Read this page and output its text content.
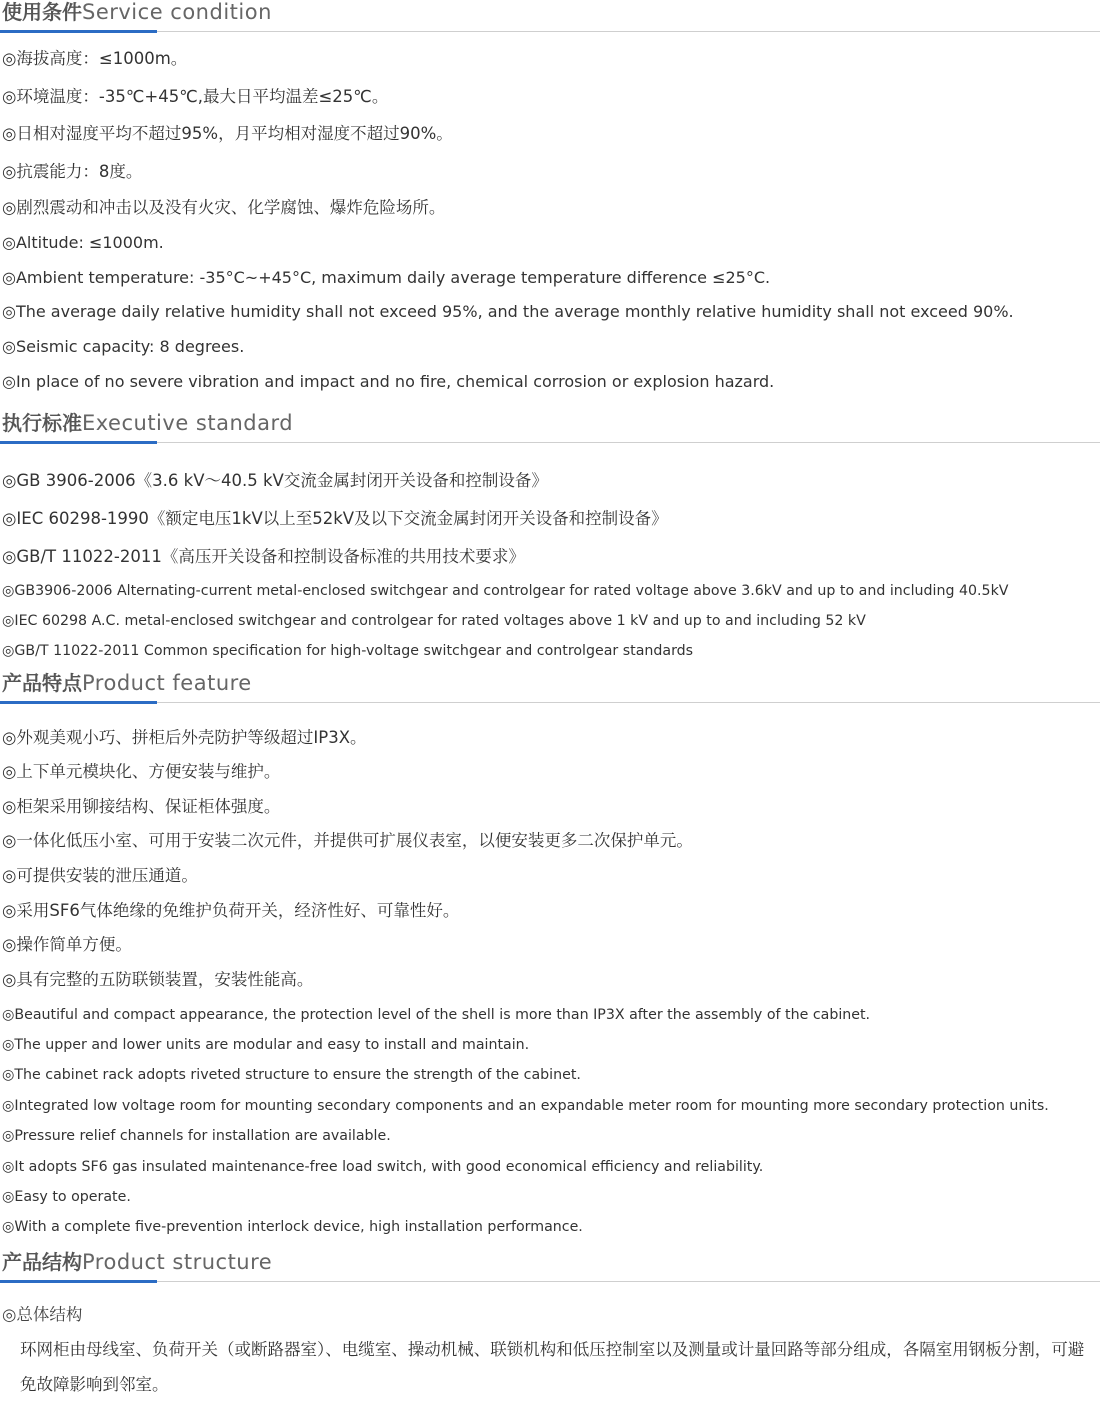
使用条件Service condition
◎海拔高度：≤1000m。
◎环境温度：-35℃+45℃,最大日平均温差≤25℃。
◎日相对湿度平均不超过95%，月平均相对湿度不超过90%。
◎抗震能力：8度。
◎剧烈震动和冲击以及没有火灾、化学腐蚀、爆炸危险场所。
◎Altitude: ≤1000m.
◎Ambient temperature: -35°C~+45°C, maximum daily average temperature difference ≤25°C.
◎The average daily relative humidity shall not exceed 95%, and the average monthly relative humidity shall not exceed 90%.
◎Seismic capacity: 8 degrees.
◎In place of no severe vibration and impact and no fire, chemical corrosion or explosion hazard.
执行标准Executive standard
◎GB 3906-2006《3.6 kV～40.5 kV交流金属封闭开关设备和控制设备》
◎IEC 60298-1990《额定电压1kV以上至52kV及以下交流金属封闭开关设备和控制设备》
◎GB/T 11022-2011《高压开关设备和控制设备标准的共用技术要求》
◎GB3906-2006 Alternating-current metal-enclosed switchgear and controlgear for rated voltage above 3.6kV and up to and including 40.5kV
◎IEC 60298 A.C. metal-enclosed switchgear and controlgear for rated voltages above 1 kV and up to and including 52 kV
◎GB/T 11022-2011 Common specification for high-voltage switchgear and controlgear standards
产品特点Product feature
◎外观美观小巧、拼柜后外壳防护等级超过IP3X。
◎上下单元模块化、方便安装与维护。
◎柜架采用铆接结构、保证柜体强度。
◎一体化低压小室、可用于安装二次元件，并提供可扩展仪表室，以便安装更多二次保护单元。
◎可提供安装的泄压通道。
◎采用SF6气体绝缘的免维护负荷开关，经济性好、可靠性好。
◎操作简单方便。
◎具有完整的五防联锁装置，安装性能高。
◎Beautiful and compact appearance, the protection level of the shell is more than IP3X after the assembly of the cabinet.
◎The upper and lower units are modular and easy to install and maintain.
◎The cabinet rack adopts riveted structure to ensure the strength of the cabinet.
◎Integrated low voltage room for mounting secondary components and an expandable meter room for mounting more secondary protection units.
◎Pressure relief channels for installation are available.
◎It adopts SF6 gas insulated maintenance-free load switch, with good economical efficiency and reliability.
◎Easy to operate.
◎With a complete five-prevention interlock device, high installation performance.
产品结构Product structure
◎总体结构
环网柜由母线室、负荷开关（或断路器室）、电缆室、操动机械、联锁机构和低压控制室以及测量或计量回路等部分组成，各隔室用钢板分割，可避免故障影响到邻室。
